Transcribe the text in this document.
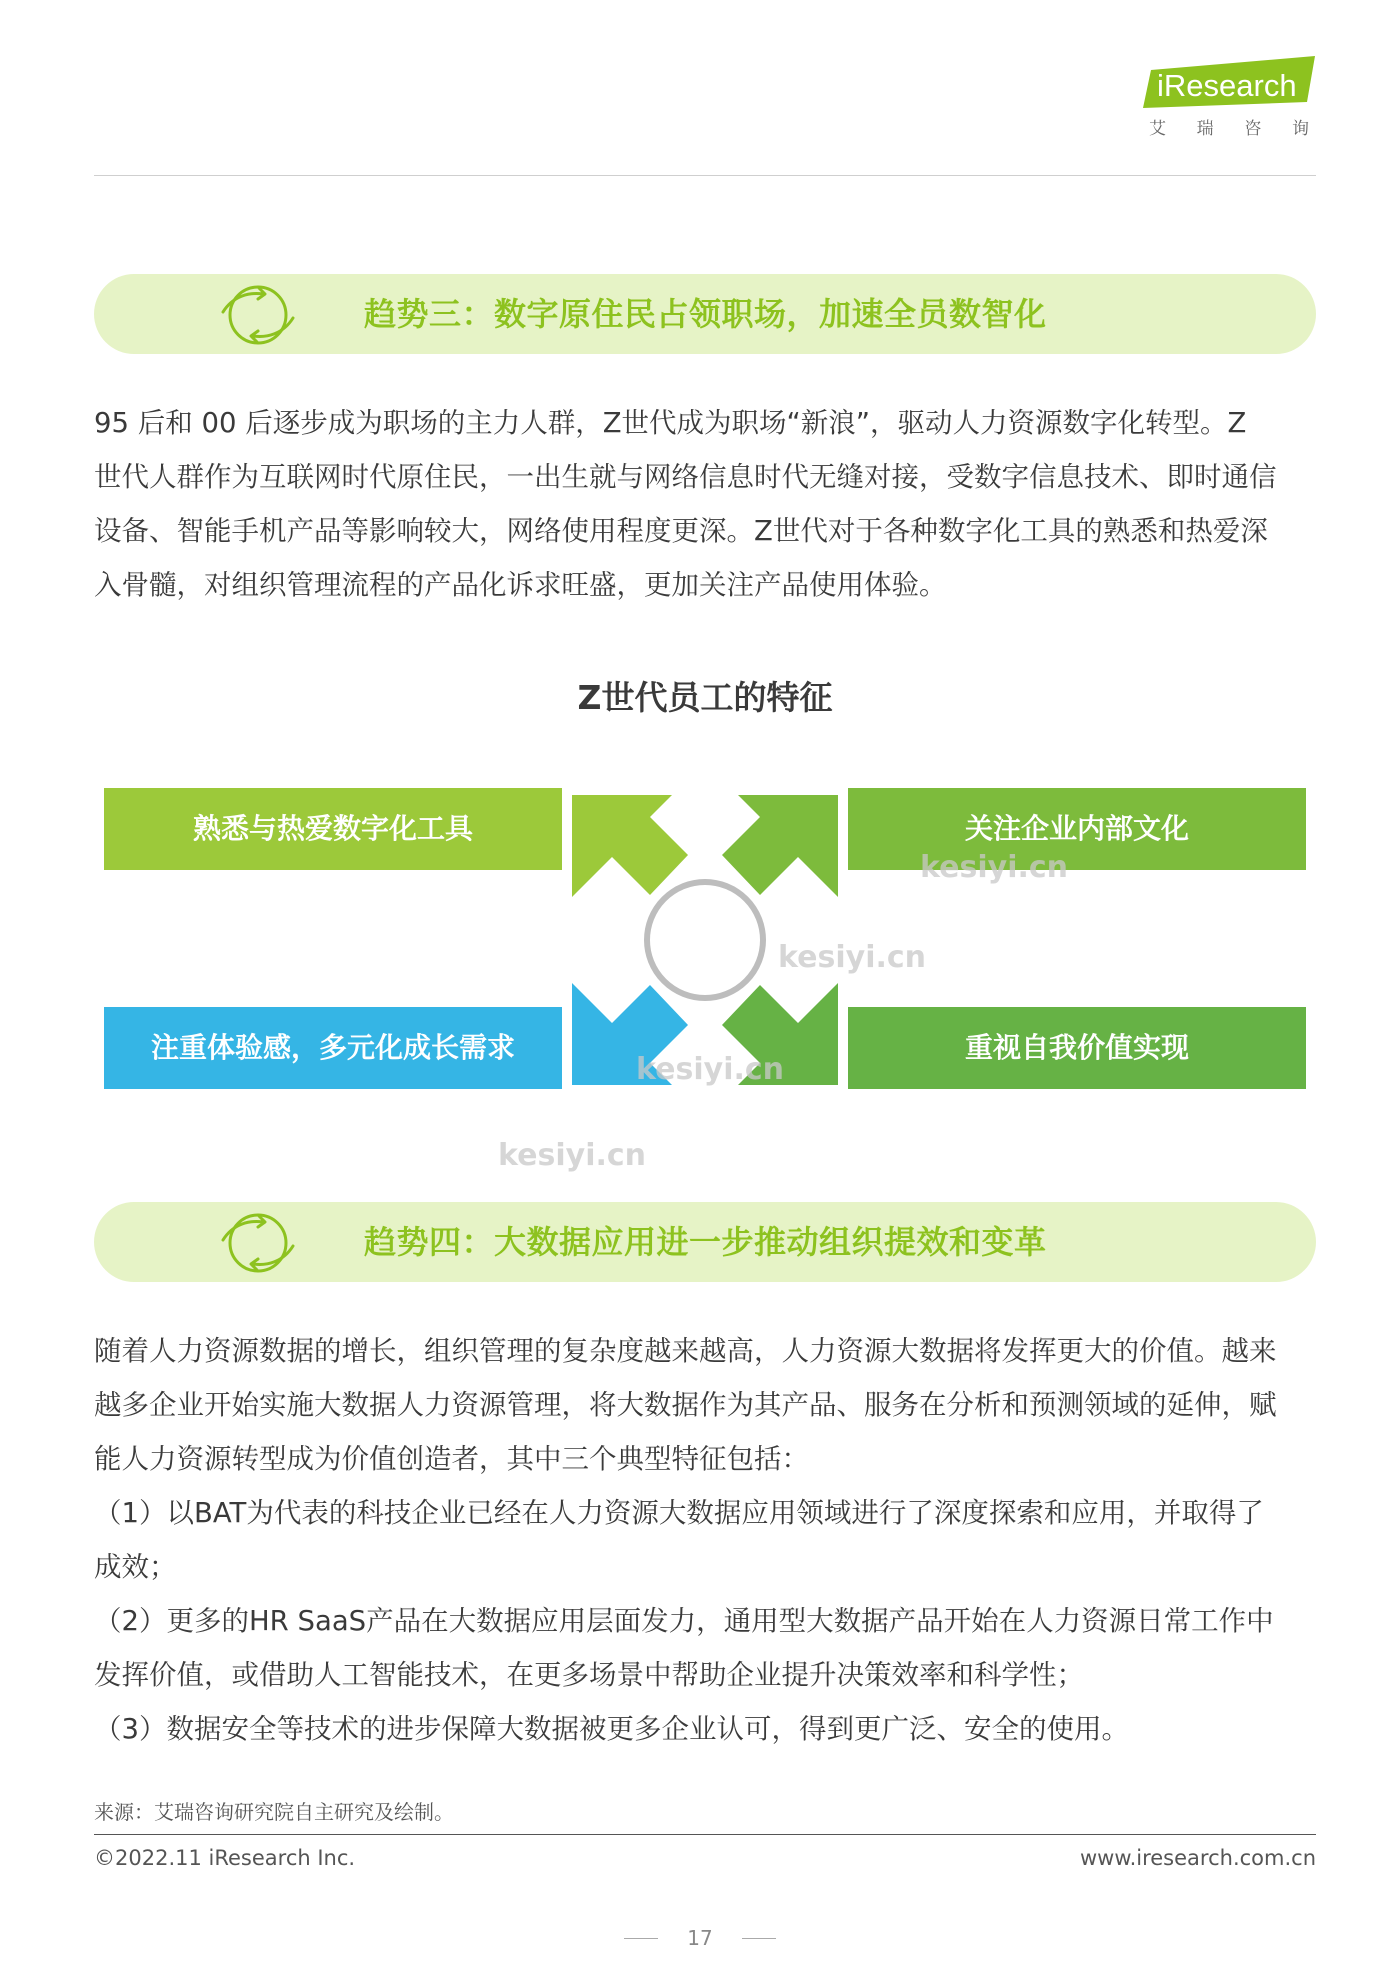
iResearch
艾 瑞 咨 询
趋势三：数字原住民占领职场，加速全员数智化

95 后和 00 后逐步成为职场的主力人群，Z世代成为职场“新浪”，驱动人力资源数字化转型。Z

世代人群作为互联网时代原住民，一出生就与网络信息时代无缝对接，受数字信息技术、即时通信

设备、智能手机产品等影响较大，网络使用程度更深。Z世代对于各种数字化工具的熟悉和热爱深

入骨髓，对组织管理流程的产品化诉求旺盛，更加关注产品使用体验。

Z世代员工的特征
熟悉与热爱数字化工具	关注企业内部文化
注重体验感，多元化成长需求	重视自我价值实现
kesiyi.cn
kesiyi.cn
kesiyi.cn
kesiyi.cn
趋势四：大数据应用进一步推动组织提效和变革

随着人力资源数据的增长，组织管理的复杂度越来越高，人力资源大数据将发挥更大的价值。越来

越多企业开始实施大数据人力资源管理，将大数据作为其产品、服务在分析和预测领域的延伸，赋

能人力资源转型成为价值创造者，其中三个典型特征包括：

（1）以BAT为代表的科技企业已经在人力资源大数据应用领域进行了深度探索和应用，并取得了

成效；

（2）更多的HR SaaS产品在大数据应用层面发力，通用型大数据产品开始在人力资源日常工作中

发挥价值，或借助人工智能技术，在更多场景中帮助企业提升决策效率和科学性；

（3）数据安全等技术的进步保障大数据被更多企业认可，得到更广泛、安全的使用。

来源：艾瑞咨询研究院自主研究及绘制。
©2022.11 iResearch Inc.	www.iresearch.com.cn
17
